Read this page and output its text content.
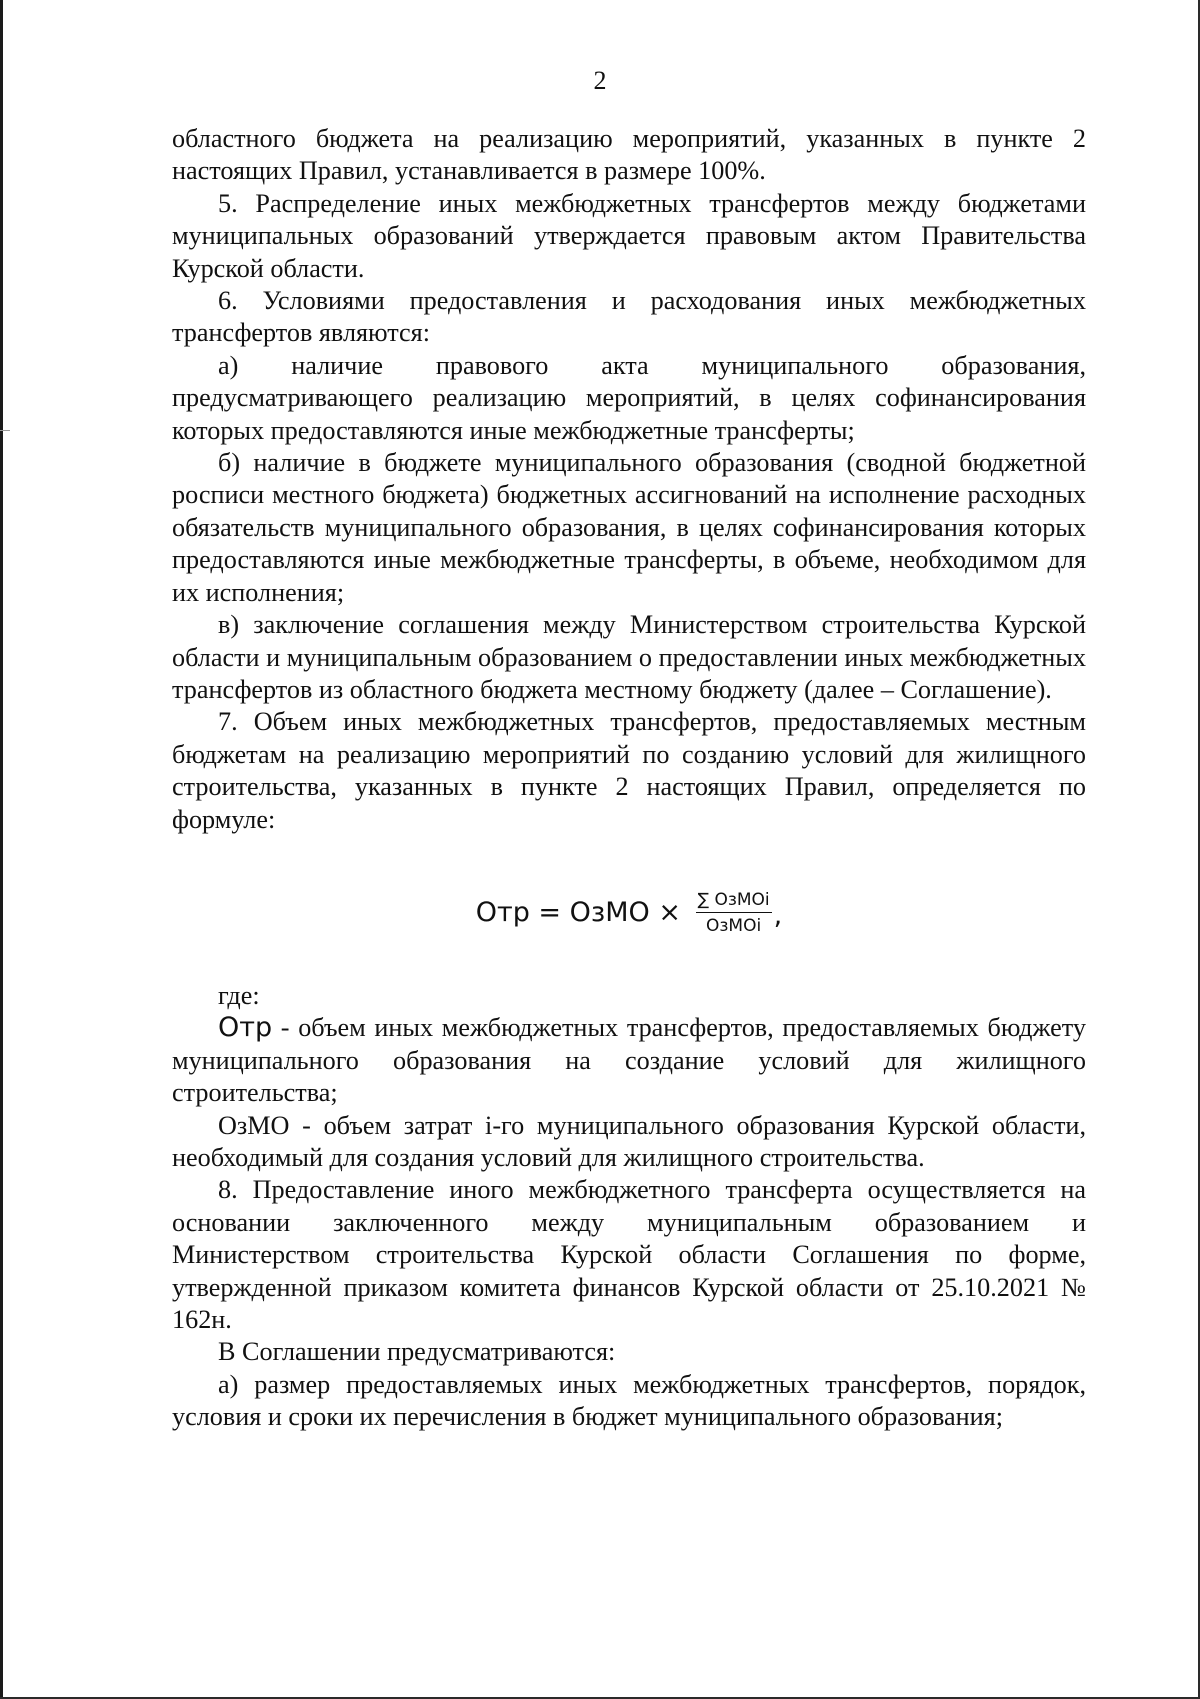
2

областного бюджета на реализацию мероприятий, указанных в пункте 2 настоящих Правил, устанавливается в размере 100%.

5. Распределение иных межбюджетных трансфертов между бюджетами муниципальных образований утверждается правовым актом Правительства Курской области.

6. Условиями предоставления и расходования иных межбюджетных трансфертов являются:

а) наличие правового акта муниципального образования, предусматривающего реализацию мероприятий, в целях софинансирования которых предоставляются иные межбюджетные трансферты;

б) наличие в бюджете муниципального образования (сводной бюджетной росписи местного бюджета) бюджетных ассигнований на исполнение расходных обязательств муниципального образования, в целях софинансирования которых предоставляются иные межбюджетные трансферты, в объеме, необходимом для их исполнения;

в) заключение соглашения между Министерством строительства Курской области и муниципальным образованием о предоставлении иных межбюджетных трансфертов из областного бюджета местному бюджету (далее – Соглашение).

7. Объем иных межбюджетных трансфертов, предоставляемых местным бюджетам на реализацию мероприятий по созданию условий для жилищного строительства, указанных в пункте 2 настоящих Правил, определяется по формуле:

Отр = ОзМО × $\frac{\text{∑ ОзМОi}}{\text{ОзМОi}}$ ,

где:

Отр - объем иных межбюджетных трансфертов, предоставляемых бюджету муниципального образования на создание условий для жилищного строительства;

ОзМО - объем затрат i-го муниципального образования Курской области, необходимый для создания условий для жилищного строительства.

8. Предоставление иного межбюджетного трансферта осуществляется на основании заключенного между муниципальным образованием и Министерством строительства Курской области Соглашения по форме, утвержденной приказом комитета финансов Курской области от 25.10.2021 № 162н.

В Соглашении предусматриваются:

а) размер предоставляемых иных межбюджетных трансфертов, порядок, условия и сроки их перечисления в бюджет муниципального образования;
